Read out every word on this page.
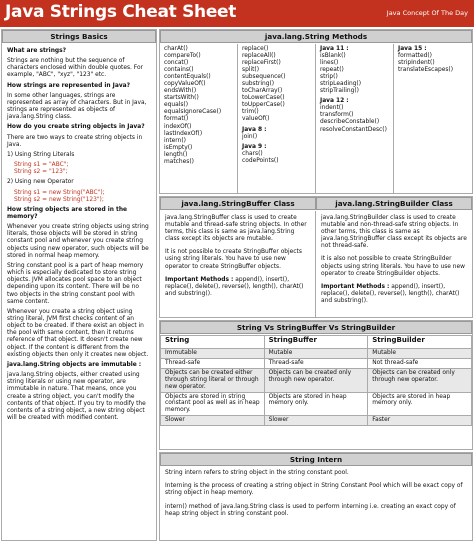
Java Strings Cheat Sheet	Java Concept Of The Day
Strings Basics
What are strings?
Strings are nothing but the sequence of characters enclosed within double quotes. For example, "ABC", "xyz", "123" etc.
How strings are represented in Java?
In some other languages, strings are represented as array of characters. But in Java, strings are represented as objects of java.lang.String class.
How do you create string objects in Java?
There are two ways to create string objects in Java.
1) Using String Literals
String s1 = "ABC";
String s2 = "123";
2) Using new Operator
String s1 = new String("ABC");
String s2 = new String("123");
How string objects are stored in the memory?
Whenever you create string objects using string literals, those objects will be stored in string constant pool and whenever you create string objects using new operator, such objects will be stored in normal heap memory.
String constant pool is a part of heap memory which is especially dedicated to store string objects. JVM allocates pool space to an object depending upon its content. There will be no two objects in the string constant pool with same content.
Whenever you create a string object using string literal, JVM first checks content of an object to be created. If there exist an object in the pool with same content, then it returns reference of that object. It doesn't create new object. If the content is different from the existing objects then only it creates new object.
java.lang.String objects are immutable :
java.lang.String objects, either created using string literals or using new operator, are immutable in nature. That means, once you create a string object, you can't modify the contents of that object. If you try to modify the contents of a string object, a new string object will be created with modified content.
java.lang.String Methods
charAt()
compareTo()
concat()
contains()
contentEquals()
copyValueOf()
endsWith()
startsWith()
equals()
equalsIgnoreCase()
format()
indexOf()
lastIndexOf()
intern()
isEmpty()
length()
matches()
replace()
replaceAll()
replaceFirst()
split()
subsequence()
substring()
toCharArray()
toLowerCase()
toUpperCase()
trim()
valueOf()
Java 8 :
join()
Java 9 :
chars()
codePoints()
Java 11 :
isBlank()
lines()
repeat()
strip()
stripLeading()
stripTrailing()
Java 12 :
indent()
transform()
describeConstable()
resolveConstantDesc()
Java 15 :
formatted()
stripIndent()
translateEscapes()
java.lang.StringBuffer Class	java.lang.StringBuilder Class

java.lang.StringBuffer class is used to create mutable and thread-safe string objects. In other terms, this class is same as java.lang.String class except its objects are mutable.

It is not possible to create StringBuffer objects using string literals. You have to use new operator to create StringBuffer objects.

Important Methods : append(), insert(), replace(), delete(), reverse(), length(), charAt() and substring().

java.lang.StringBuilder class is used to create mutable and non-thread-safe string objects. In other terms, this class is same as java.lang.StringBuffer class except its objects are not thread-safe.

It is also not possible to create StringBuilder objects using string literals. You have to use new operator to create StringBuilder objects.

Important Methods : append(), insert(), replace(), delete(), reverse(), length(), charAt() and substring().

String Vs StringBuffer Vs StringBuilder
String	StringBuffer	StringBuilder
Immutable	Mutable	Mutable
Thread-safe	Thread-safe	Not thread-safe
Objects can be created either through string literal or through new operator.	Objects can be created only through new operator.	Objects can be created only through new operator.
Objects are stored in string constant pool as well as in heap memory.	Objects are stored in heap memory only.	Objects are stored in heap memory only.
Slower	Slower	Faster
String Intern

String intern refers to string object in the string constant pool.

Interning is the process of creating a string object in String Constant Pool which will be exact copy of string object in heap memory.

intern() method of java.lang.String class is used to perform interning i.e. creating an exact copy of heap string object in string constant pool.
